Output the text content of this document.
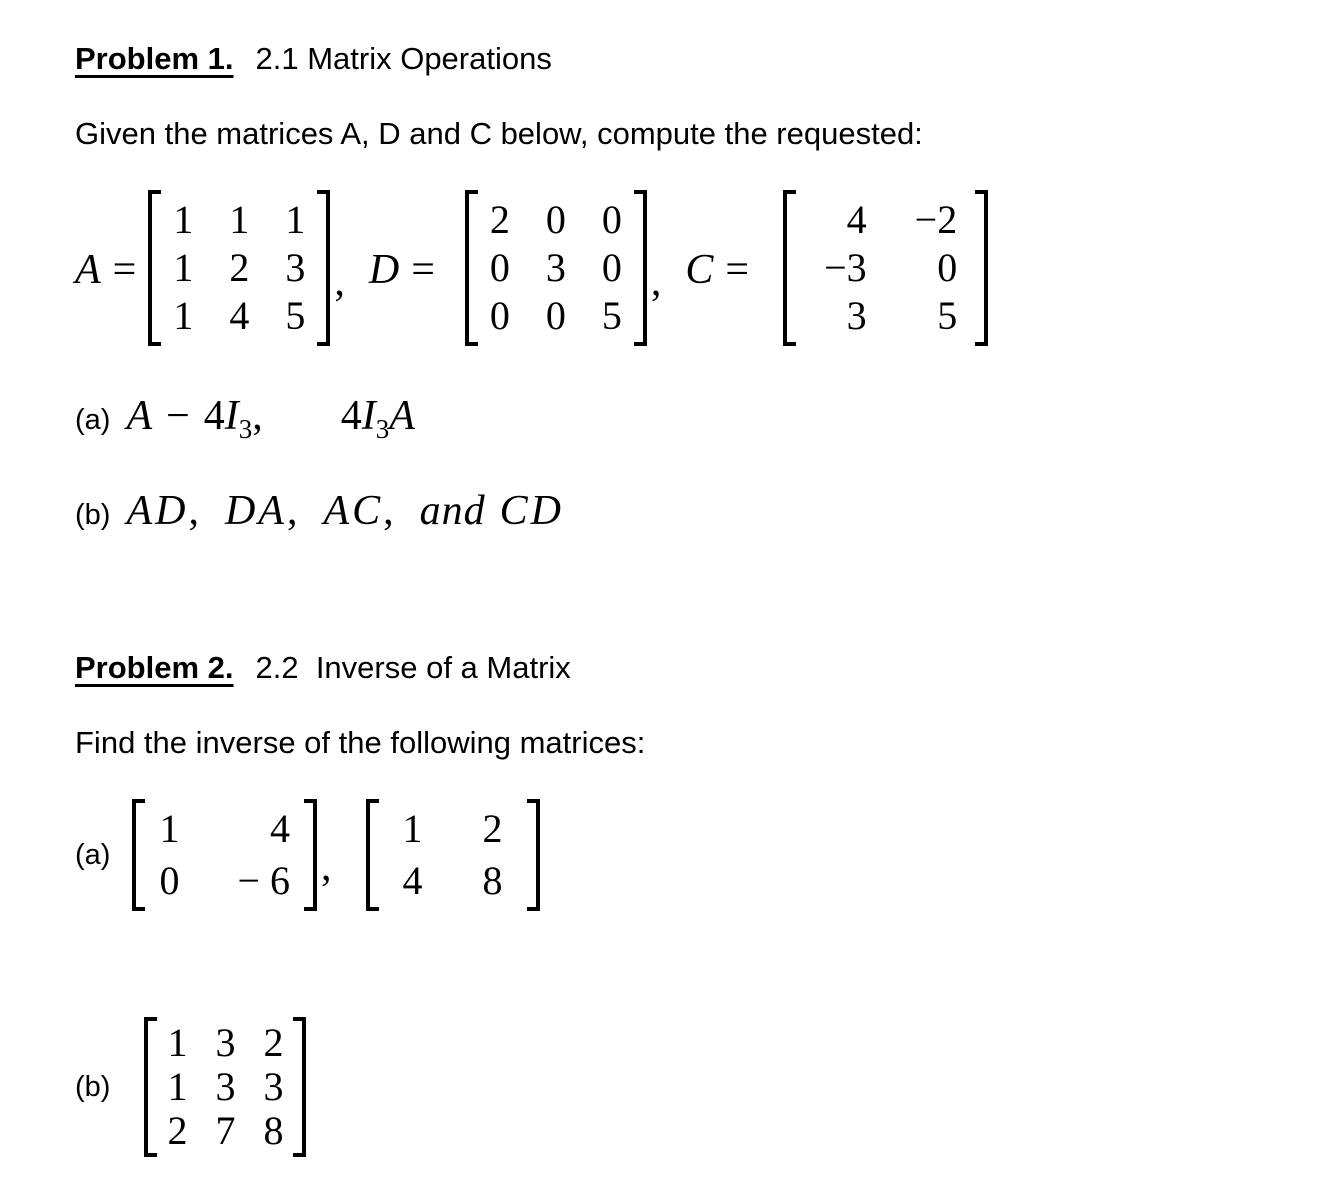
Problem 1. 2.1 Matrix Operations

Given the matrices A, D and C below, compute the requested:

A =
1 1 1
1 2 3
1 4 5
, D =
2 0 0
0 3 0
0 0 5
, C =
4 −2
−3	0
3	5

(a) $A - 4I_3$, $4I_3A$

(b) AD, DA, AC, and CD

Problem 2. 2.2  Inverse of a Matrix

Find the inverse of the following matrices:

(a)
1	4
0 − 6 ,
1 2
4 8
(b)
1 3 2
1 3 3
2 7 8
